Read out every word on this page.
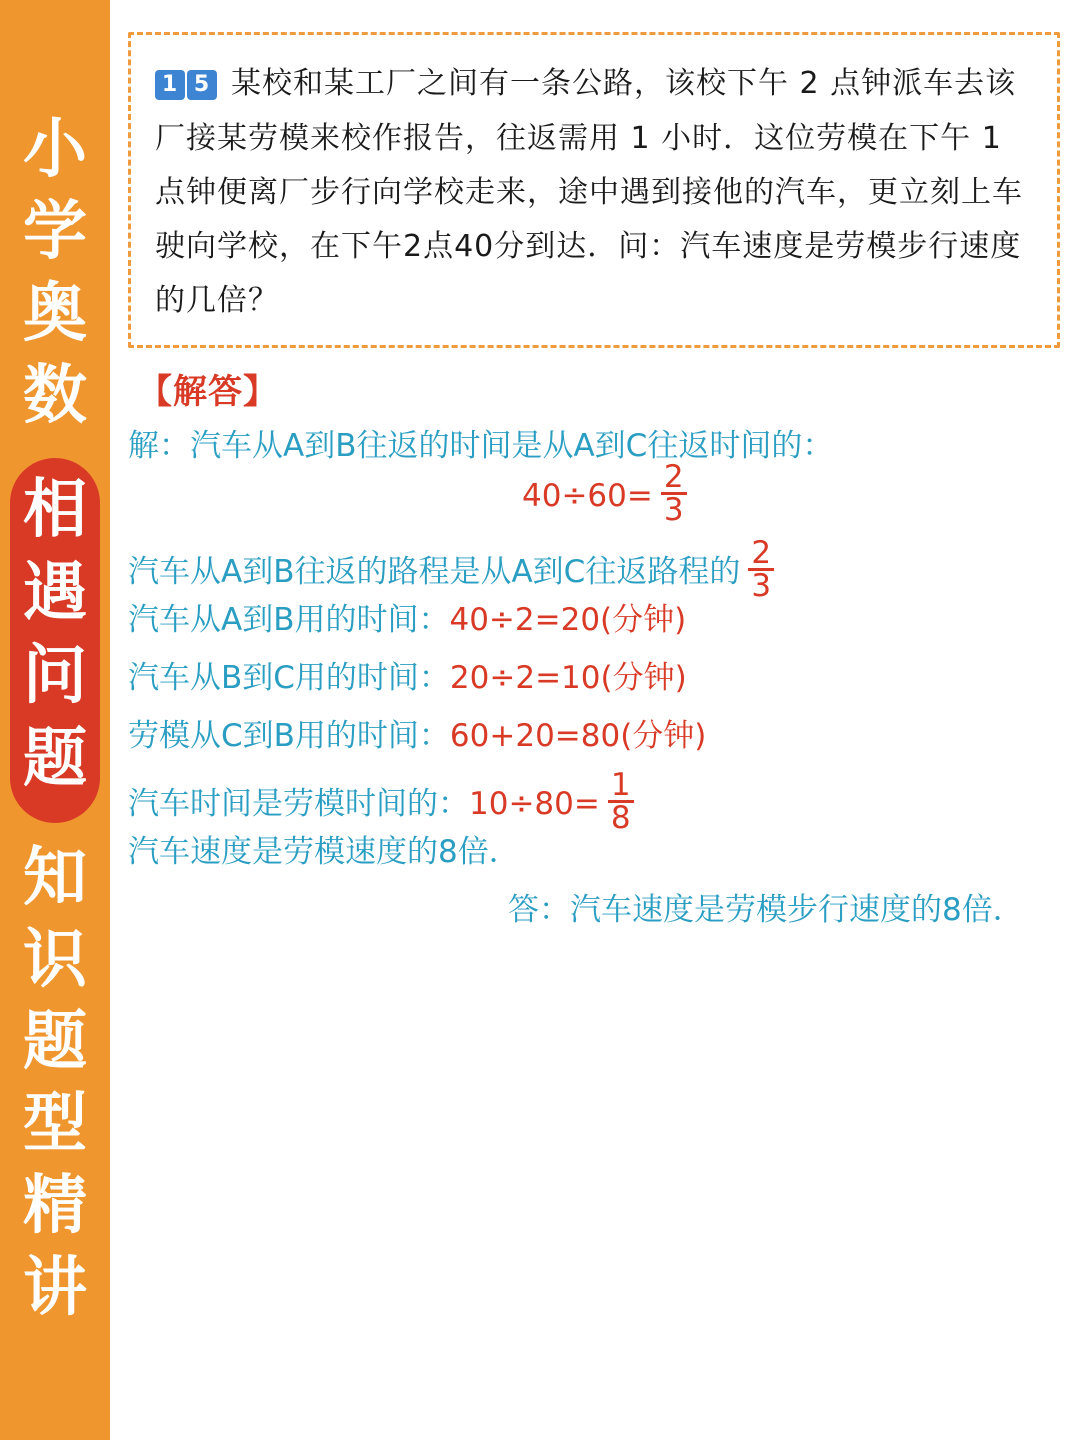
小
学
奥
数
相
遇
问
题
知
识
题
型
精
讲
1 5 某校和某工厂之间有一条公路，该校下午 2 点钟派车去该厂接某劳模来校作报告，往返需用 1 小时．这位劳模在下午 1 点钟便离厂步行向学校走来，途中遇到接他的汽车，更立刻上车驶向学校，在下午2点40分到达．问：汽车速度是劳模步行速度的几倍？
【解答】
解：汽车从A到B往返的时间是从A到C往返时间的：
$40\div 60= \frac{2}{3}$
汽车从A到B往返的路程是从A到C往返路程的 $\frac{2}{3}$
汽车从A到B用的时间：40÷2=20(分钟)
汽车从B到C用的时间：20÷2=10(分钟)
劳模从C到B用的时间：60+20=80(分钟)
汽车时间是劳模时间的：$10\div 80= \frac{1}{8}$
汽车速度是劳模速度的8倍．
答：汽车速度是劳模步行速度的8倍．
